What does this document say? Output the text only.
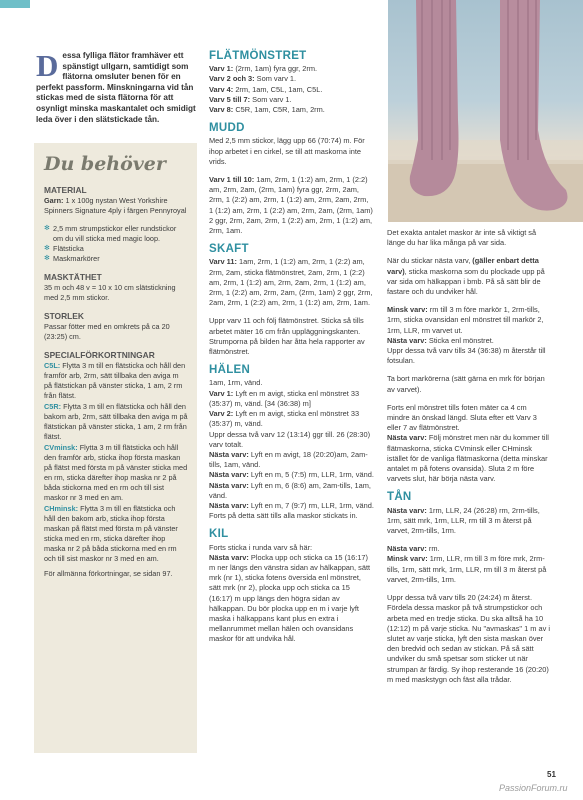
Dessa fylliga flätor framhäver ett spänstigt ullgarn, samtidigt som flätorna omsluter benen för en perfekt passform. Minskningarna vid tån stickas med de sista flätorna för att osynligt minska maskantalet och smidigt leda över i den slätstickade tån.
Du behöver
MATERIAL
Garn: 1 x 100g nystan West Yorkshire Spinners Signature 4ply i färgen Pennyroyal
✻ 2,5 mm strumpstickor eller rundstickor om du vill sticka med magic loop.
✻ Flätsticka
✻ Maskmarkörer
MASKTÄTHET
35 m och 48 v = 10 x 10 cm slätstickning med 2,5 mm stickor.
STORLEK
Passar fötter med en omkrets på ca 20 (23:25) cm.
SPECIALFÖRKORTNINGAR
C5L: Flytta 3 m till en flätsticka och håll den framför arb, 2rm, sätt tillbaka den avigа m på flätstickan på vänster sticka, 1 am, 2 rm från flätst.
C5R: Flytta 3 m till en flätsticka och håll den bakom arb, 2rm, sätt tillbaka den avigа m på flätstickan på vänster sticka, 1 am, 2 rm från flätst.
CVminsk: Flytta 3 m till flätsticka och håll den framför arb, sticka ihop första maskan på flätst med första m på vänster sticka med en rm, sticka därefter ihop maska nr 2 på båda stickorna med en rm och till sist maskor nr 3 med en am.
CHminsk: Flytta 3 m till en flätsticka och håll den bakom arb, sticka ihop första maskan på flätst med första m på vänster sticka med en rm, sticka därefter ihop maska nr 2 på båda stickorna med en rm och till sist maskor nr 3 med en am.
För allmänna förkortningar, se sidan 97.
FLÄTMÖNSTRET
Varv 1: (2rm, 1am) fyra ggr, 2rm.
Varv 2 och 3: Som varv 1.
Varv 4: 2rm, 1am, C5L, 1am, C5L.
Varv 5 till 7: Som varv 1.
Varv 8: C5R, 1am, C5R, 1am, 2rm.
MUDD

Med 2,5 mm stickor, lägg upp 66 (70:74) m. För ihop arbetet i en cirkel, se till att maskorna inte vrids.

Varv 1 till 10: 1am, 2rm, 1 (1:2) am, 2rm, 1 (2:2) am, 2rm, 2am, (2rm, 1am) fyra ggr, 2rm, 2am, 2rm, 1 (2:2) am, 2rm, 1 (1:2) am, 2rm, 2am, 2rm, 1 (1:2) am, 2rm, 1 (2:2) am, 2rm, 2am, (2rm, 1am) 2 ggr, 2rm, 2am, 2rm, 1 (2:2) am, 2rm, 1 (1:2) am, 2rm, 1am.

SKAFT

Varv 11: 1am, 2rm, 1 (1:2) am, 2rm, 1 (2:2) am, 2rm, 2am, sticka flätmönstret, 2am, 2rm, 1 (2:2) am, 2rm, 1 (1:2) am, 2rm, 2am, 2rm, 1 (1:2) am, 2rm, 1 (2:2) am, 2rm, 2am, (2rm, 1am) 2 ggr, 2rm, 2am, 2rm, 1 (2:2) am, 2rm, 1 (1:2) am, 2rm, 1am.

Uppr varv 11 och följ flätmönstret. Sticka så tills arbetet mäter 16 cm från uppläggningskanten. Strumporna på bilden har åtta hela rapporter av flätmönstret.

HÄLEN
1am, 1rm, vänd.
Varv 1: Lyft en m avigt, sticka enl mönstret 33 (35:37) m, vänd. [34 (36:38) m]
Varv 2: Lyft en m avigt, sticka enl mönstret 33 (35:37) m, vänd.
Uppr dessa två varv 12 (13:14) ggr till. 26 (28:30) varv totalt.
Nästa varv: Lyft en m avigt, 18 (20:20)am, 2am-tills, 1am, vänd.
Nästa varv: Lyft en m, 5 (7:5) rm, LLR, 1rm, vänd.
Nästa varv: Lyft en m, 6 (8:6) am, 2am-tills, 1am, vänd.
Nästa varv: Lyft en m, 7 (9:7) rm, LLR, 1rm, vänd.
Forts på detta sätt tills alla maskor stickats in.
KIL
Forts sticka i runda varv så här:
Nästa varv: Plocka upp och sticka ca 15 (16:17) m ner längs den vänstra sidan av hälkappan, sätt mrk (nr 1), sticka fotens översida enl mönstret, sätt mrk (nr 2), plocka upp och sticka ca 15 (16:17) m upp längs den högra sidan av hälkappan. Du bör plocka upp en m i varje lyft maska i hälkappans kant plus en extra i mellanrummet mellan hälen och ovansidans maskor för att undvika hål.

Det exakta antalet maskor är inte så viktigt så länge du har lika många på var sida.

När du stickar nästa varv, (gäller enbart detta varv), sticka maskorna som du plockade upp på var sida om hälkappan i bmb. På så sätt blir de fastare och du undviker hål.

Minsk varv: rm till 3 m före markör 1, 2rm-tills, 1rm, sticka ovansidan enl mönstret till markör 2, 1rm, LLR, rm varvet ut.
Nästa varv: Sticka enl mönstret.

Uppr dessa två varv tills 34 (36:38) m återstår till fotsulan.

Ta bort markörerna (sätt gärna en mrk för början av varvet).

Forts enl mönstret tills foten mäter ca 4 cm mindre än önskad längd. Sluta efter ett Varv 3 eller 7 av flätmönstret.

Nästa varv: Följ mönstret men när du kommer till flätmaskorna, sticka CVminsk eller CHminsk istället för de vanliga flätmaskorna (detta minskar antalet m på fotens ovansida). Sluta 2 m före varvets slut, här börja nästa varv.

TÅN

Nästa varv: 1rm, LLR, 24 (26:28) rm, 2rm-tills, 1rm, sätt mrk, 1rm, LLR, rm till 3 m återst på varvet, 2rm-tills, 1rm.

Nästa varv: rm.

Minsk varv: 1rm, LLR, rm till 3 m före mrk, 2rm-tills, 1rm, sätt mrk, 1rm, LLR, rm till 3 m återst på varvet, 2rm-tills, 1rm.

Uppr dessa två varv tills 20 (24:24) m återst. Fördela dessa maskor på två strumpstickor och arbeta med en tredje sticka. Du ska alltså ha 10 (12:12) m på varje sticka. Nu "avmaskas" 1 m av i slutet av varje sticka, lyft den sista maskan över den bredvid och sedan av stickan. På så sätt undviker du små spetsar som sticker ut när strumpan är färdig. Sy ihop resterande 16 (20:20) m med maskstygn och fäst alla trådar.

51
PassionForum.ru
